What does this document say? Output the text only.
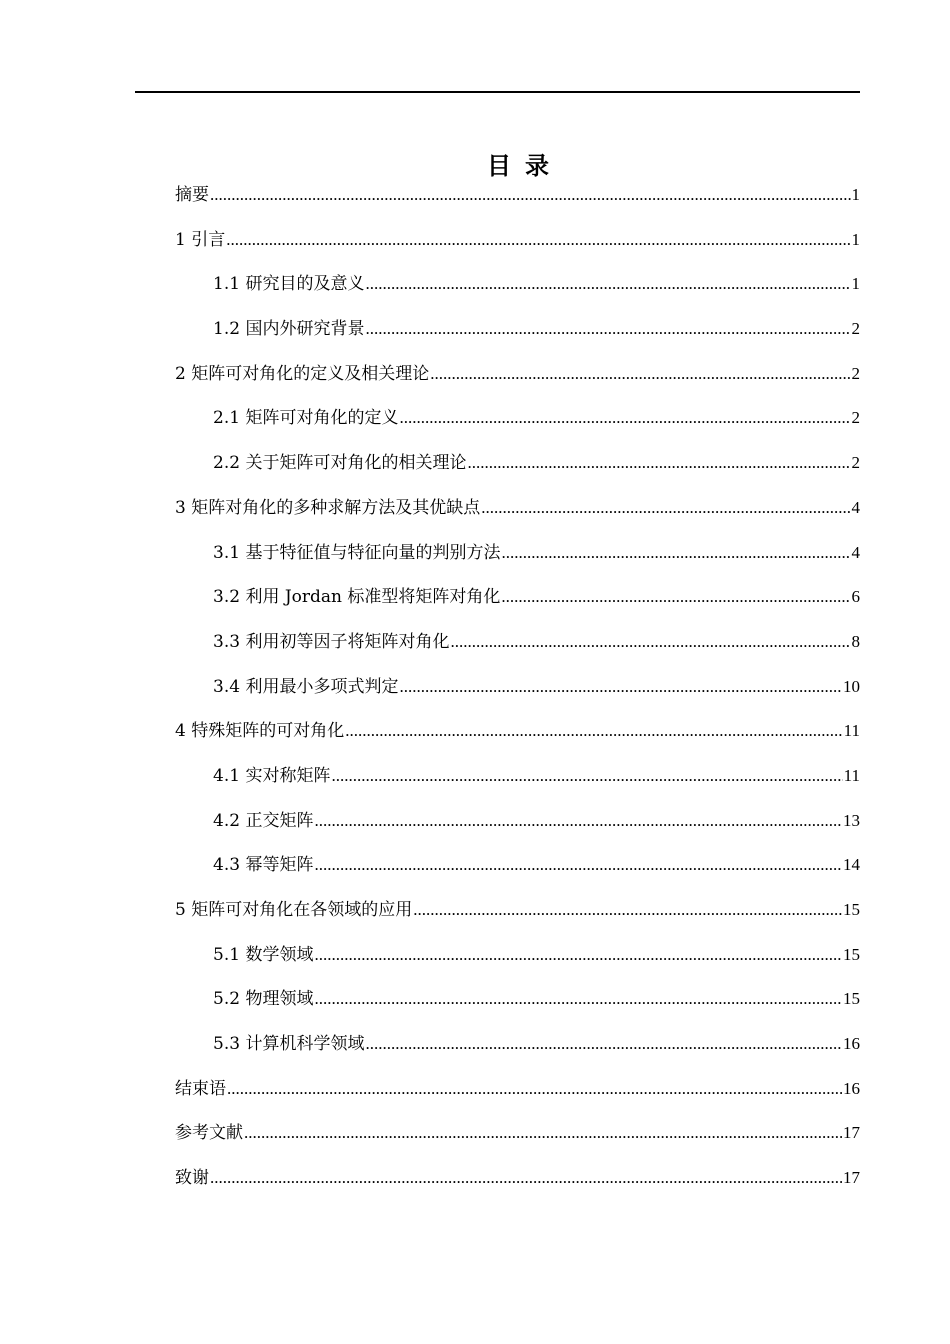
目录
摘要 .....	1
1 引言 .....	1
1.1 研究目的及意义 .....	1
1.2 国内外研究背景 .....	2
2 矩阵可对角化的定义及相关理论 .....	2
2.1 矩阵可对角化的定义 .....	2
2.2 关于矩阵可对角化的相关理论 .....	2
3 矩阵对角化的多种求解方法及其优缺点 .....	4
3.1 基于特征值与特征向量的判别方法 .....	4
3.2 利用 Jordan 标准型将矩阵对角化 .....	6
3.3 利用初等因子将矩阵对角化 .....	8
3.4 利用最小多项式判定 .....	10
4 特殊矩阵的可对角化 .....	11
4.1 实对称矩阵 .....	11
4.2 正交矩阵 .....	13
4.3 幂等矩阵 .....	14
5 矩阵可对角化在各领域的应用 .....	15
5.1 数学领域 .....	15
5.2 物理领域 .....	15
5.3 计算机科学领域 .....	16
结束语 .....	16
参考文献 .....	17
致谢 .....	17
